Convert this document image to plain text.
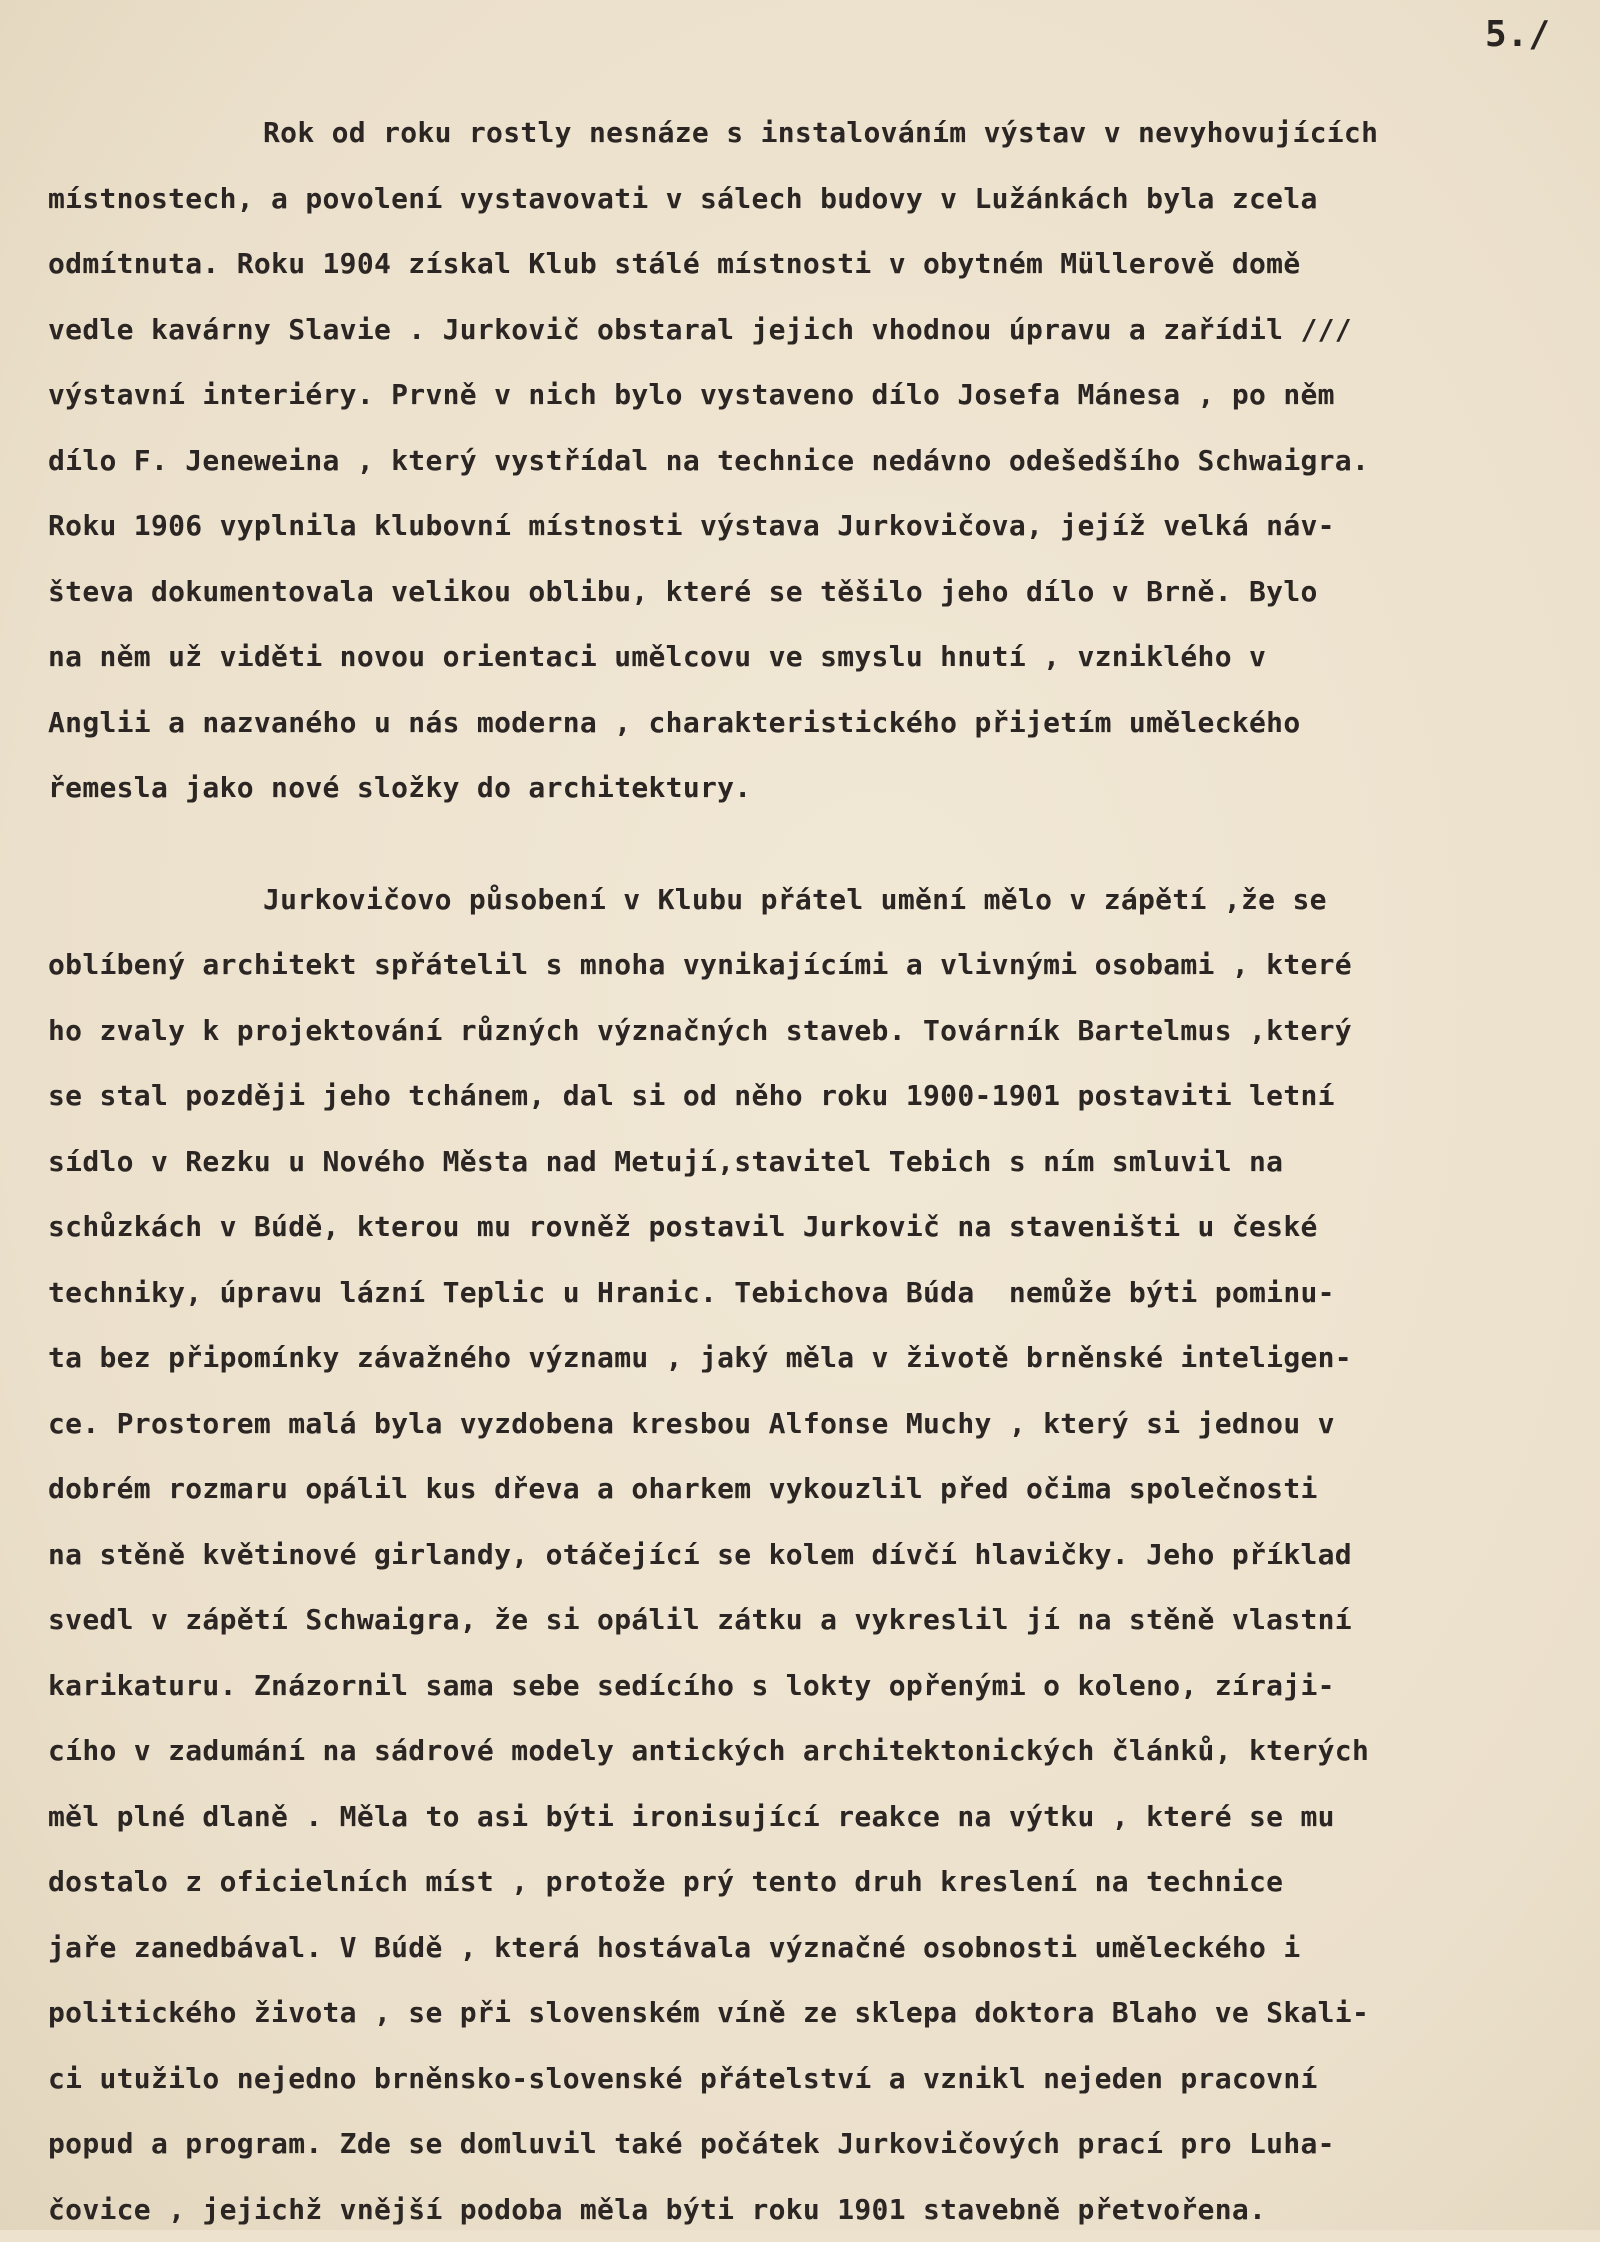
5./
Rok od roku rostly nesnáze s instalováním výstav v nevyhovujících
místnostech, a povolení vystavovati v sálech budovy v Lužánkách byla zcela
odmítnuta. Roku 1904 získal Klub stálé místnosti v obytném Müllerově domě
vedle kavárny Slavie . Jurkovič obstaral jejich vhodnou úpravu a zařídil ///
výstavní interiéry. Prvně v nich bylo vystaveno dílo Josefa Mánesa , po něm
dílo F. Jeneweina , který vystřídal na technice nedávno odešedšího Schwaigra.
Roku 1906 vyplnila klubovní místnosti výstava Jurkovičova, jejíž velká náv-
števa dokumentovala velikou oblibu, které se těšilo jeho dílo v Brně. Bylo
na něm už viděti novou orientaci umělcovu ve smyslu hnutí , vzniklého v
Anglii a nazvaného u nás moderna , charakteristického přijetím uměleckého
řemesla jako nové složky do architektury.
Jurkovičovo působení v Klubu přátel umění mělo v zápětí ,že se
oblíbený architekt spřátelil s mnoha vynikajícími a vlivnými osobami , které
ho zvaly k projektování různých význačných staveb. Továrník Bartelmus ,který
se stal později jeho tchánem, dal si od něho roku 1900-1901 postaviti letní
sídlo v Rezku u Nového Města nad Metují,stavitel Tebich s ním smluvil na
schůzkách v Búdě, kterou mu rovněž postavil Jurkovič na staveništi u české
techniky, úpravu lázní Teplic u Hranic. Tebichova Búda  nemůže býti pominu-
ta bez připomínky závažného významu , jaký měla v životě brněnské inteligen-
ce. Prostorem malá byla vyzdobena kresbou Alfonse Muchy , který si jednou v
dobrém rozmaru opálil kus dřeva a oharkem vykouzlil před očima společnosti
na stěně květinové girlandy, otáčející se kolem dívčí hlavičky. Jeho příklad
svedl v zápětí Schwaigra, že si opálil zátku a vykreslil jí na stěně vlastní
karikaturu. Znázornil sama sebe sedícího s lokty opřenými o koleno, zíraji-
cího v zadumání na sádrové modely antických architektonických článků, kterých
měl plné dlaně . Měla to asi býti ironisující reakce na výtku , které se mu
dostalo z oficielních míst , protože prý tento druh kreslení na technice
jaře zanedbával. V Búdě , která hostávala význačné osobnosti uměleckého i
politického života , se při slovenském víně ze sklepa doktora Blaho ve Skali-
ci utužilo nejedno brněnsko-slovenské přátelství a vznikl nejeden pracovní
popud a program. Zde se domluvil také počátek Jurkovičových prací pro Luha-
čovice , jejichž vnější podoba měla býti roku 1901 stavebně přetvořena.
